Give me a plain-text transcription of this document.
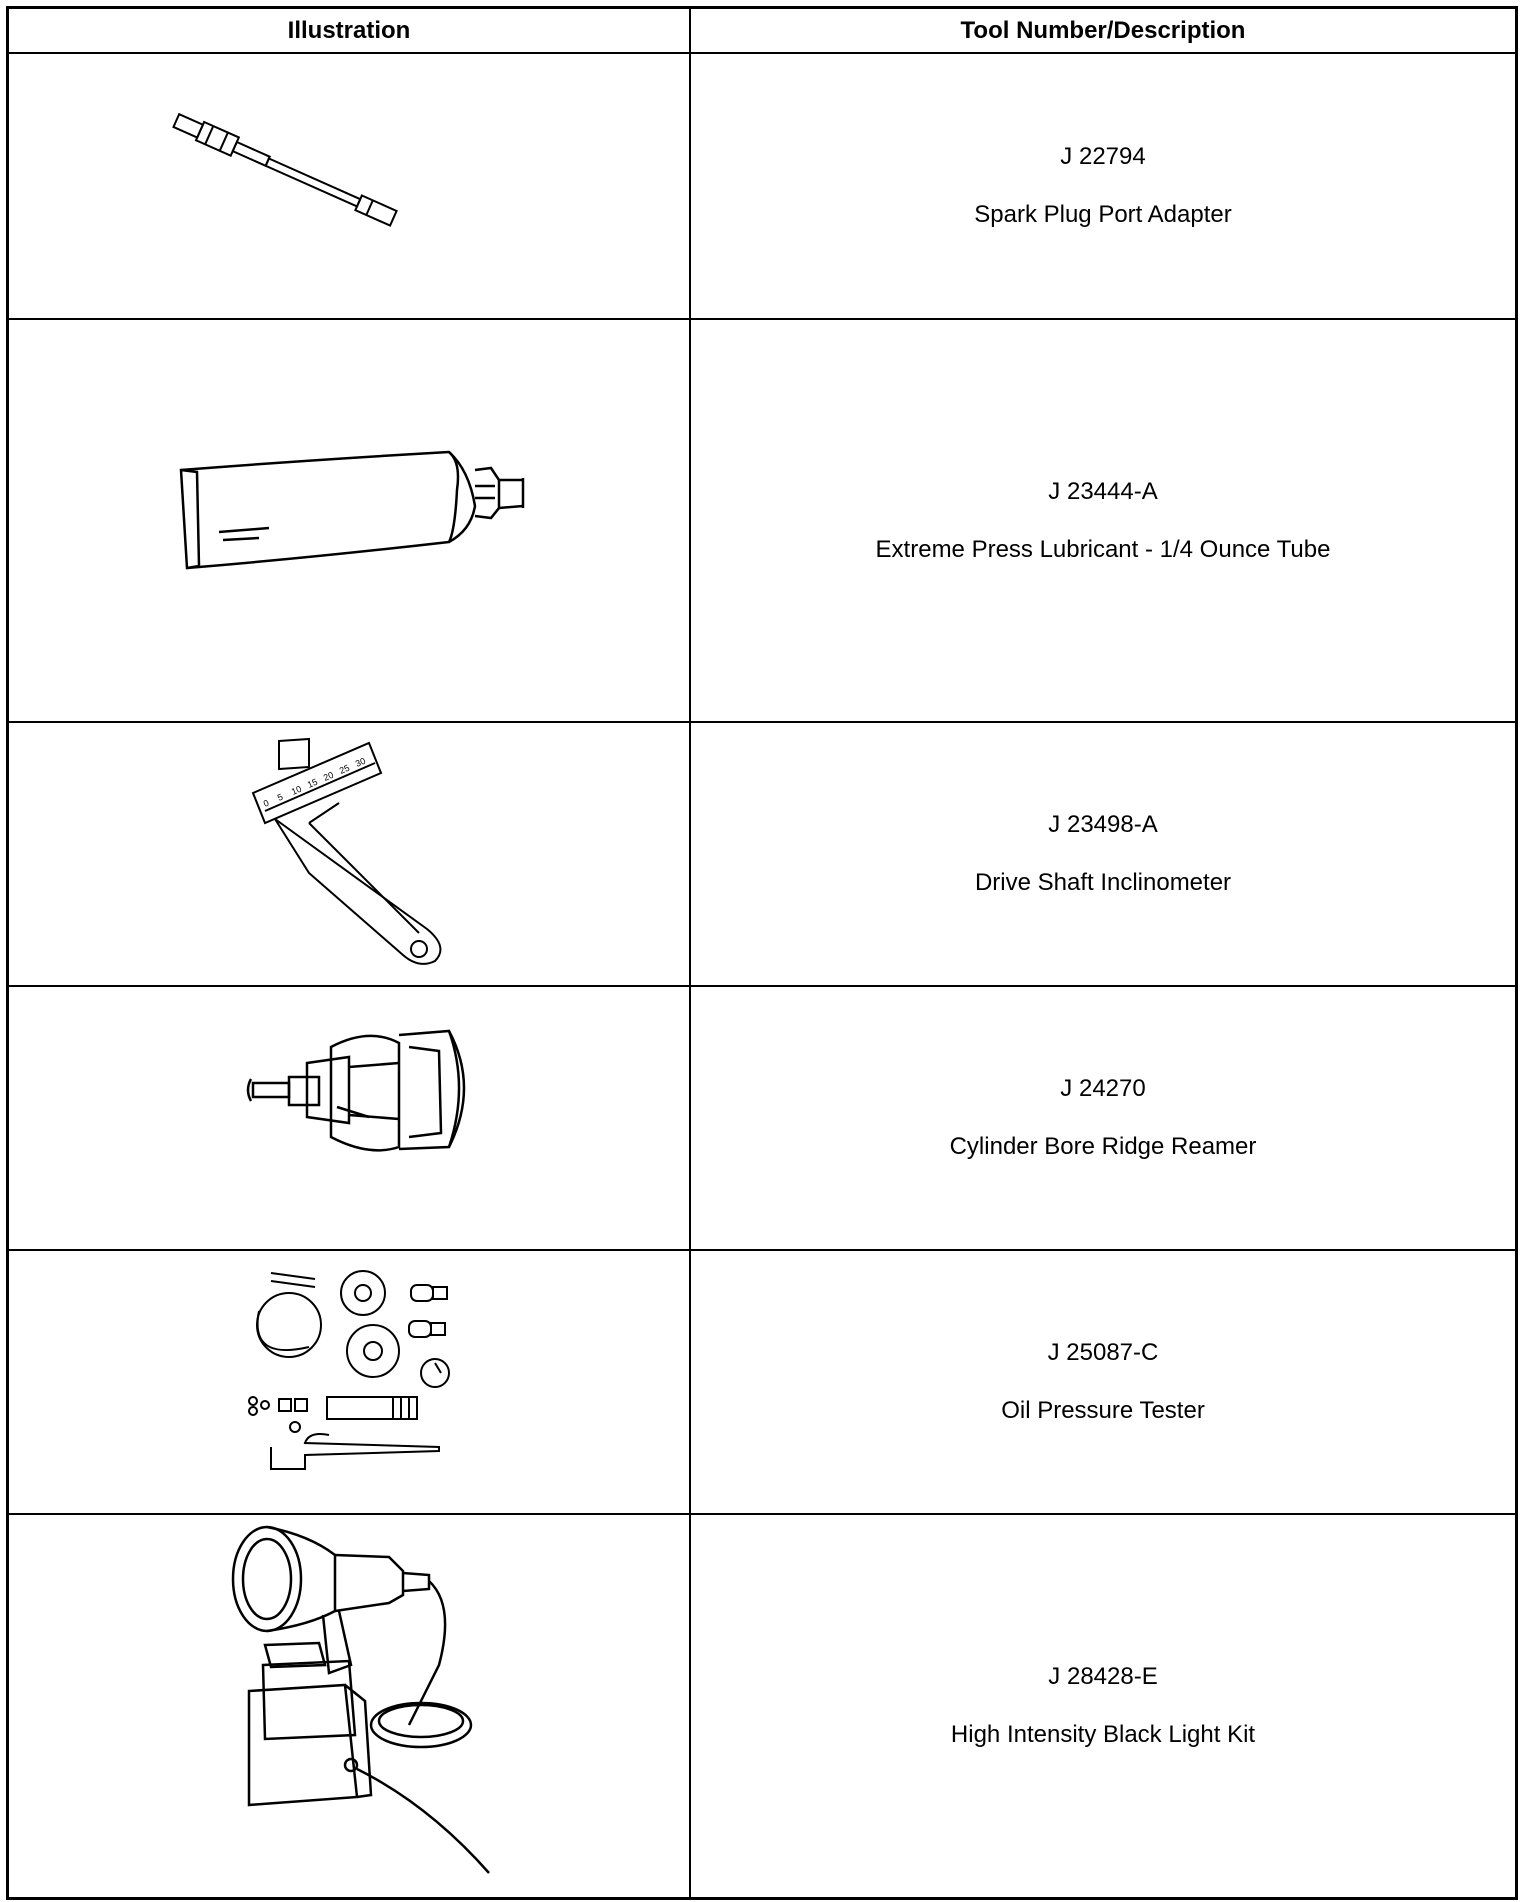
Illustration	Tool Number/Description
J 22794
Spark Plug Port Adapter
J 23444-A
Extreme Press Lubricant - 1/4 Ounce Tube
0
5
10
15
20
25
30
J 23498-A
Drive Shaft Inclinometer
J 24270
Cylinder Bore Ridge Reamer
J 25087-C
Oil Pressure Tester
J 28428-E
High Intensity Black Light Kit
